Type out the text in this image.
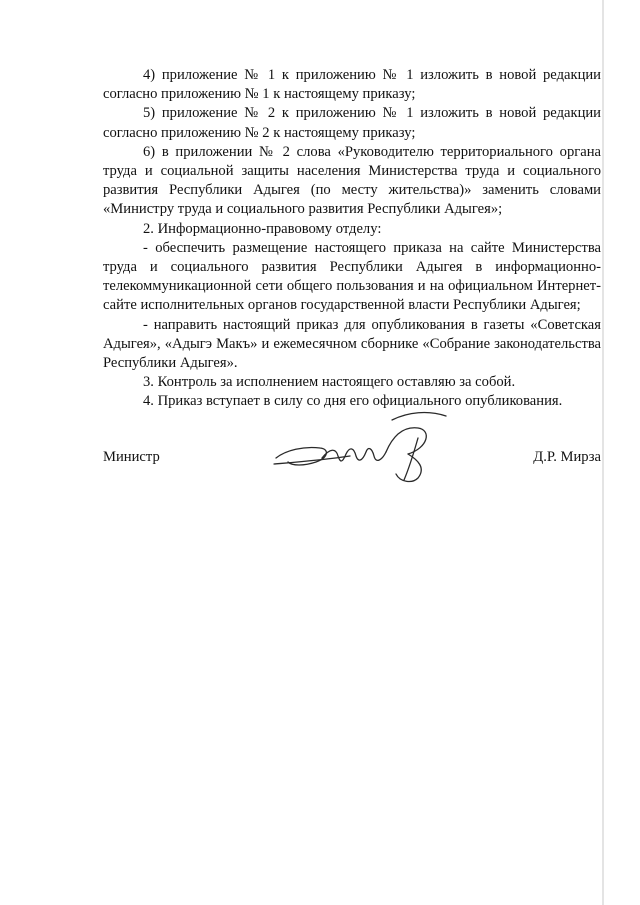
4) приложение № 1 к приложению № 1 изложить в новой редакции согласно приложению № 1 к настоящему приказу;

5) приложение № 2 к приложению № 1 изложить в новой редакции согласно приложению № 2 к настоящему приказу;

6) в приложении № 2 слова «Руководителю территориального органа труда и социальной защиты населения Министерства труда и социального развития Республики Адыгея (по месту жительства)» заменить словами «Министру труда и социального развития Республики Адыгея»;

2. Информационно-правовому отделу:

- обеспечить размещение настоящего приказа на сайте Министерства труда и социального развития Республики Адыгея в информационно-телекоммуникационной сети общего пользования и на официальном Интернет-сайте исполнительных органов государственной власти Республики Адыгея;

- направить настоящий приказ для опубликования в газеты «Советская Адыгея», «Адыгэ Макъ» и ежемесячном сборнике «Собрание законодательства Республики Адыгея».

3. Контроль за исполнением настоящего оставляю за собой.

4. Приказ вступает в силу со дня его официального опубликования.

Министр	Д.Р. Мирза
